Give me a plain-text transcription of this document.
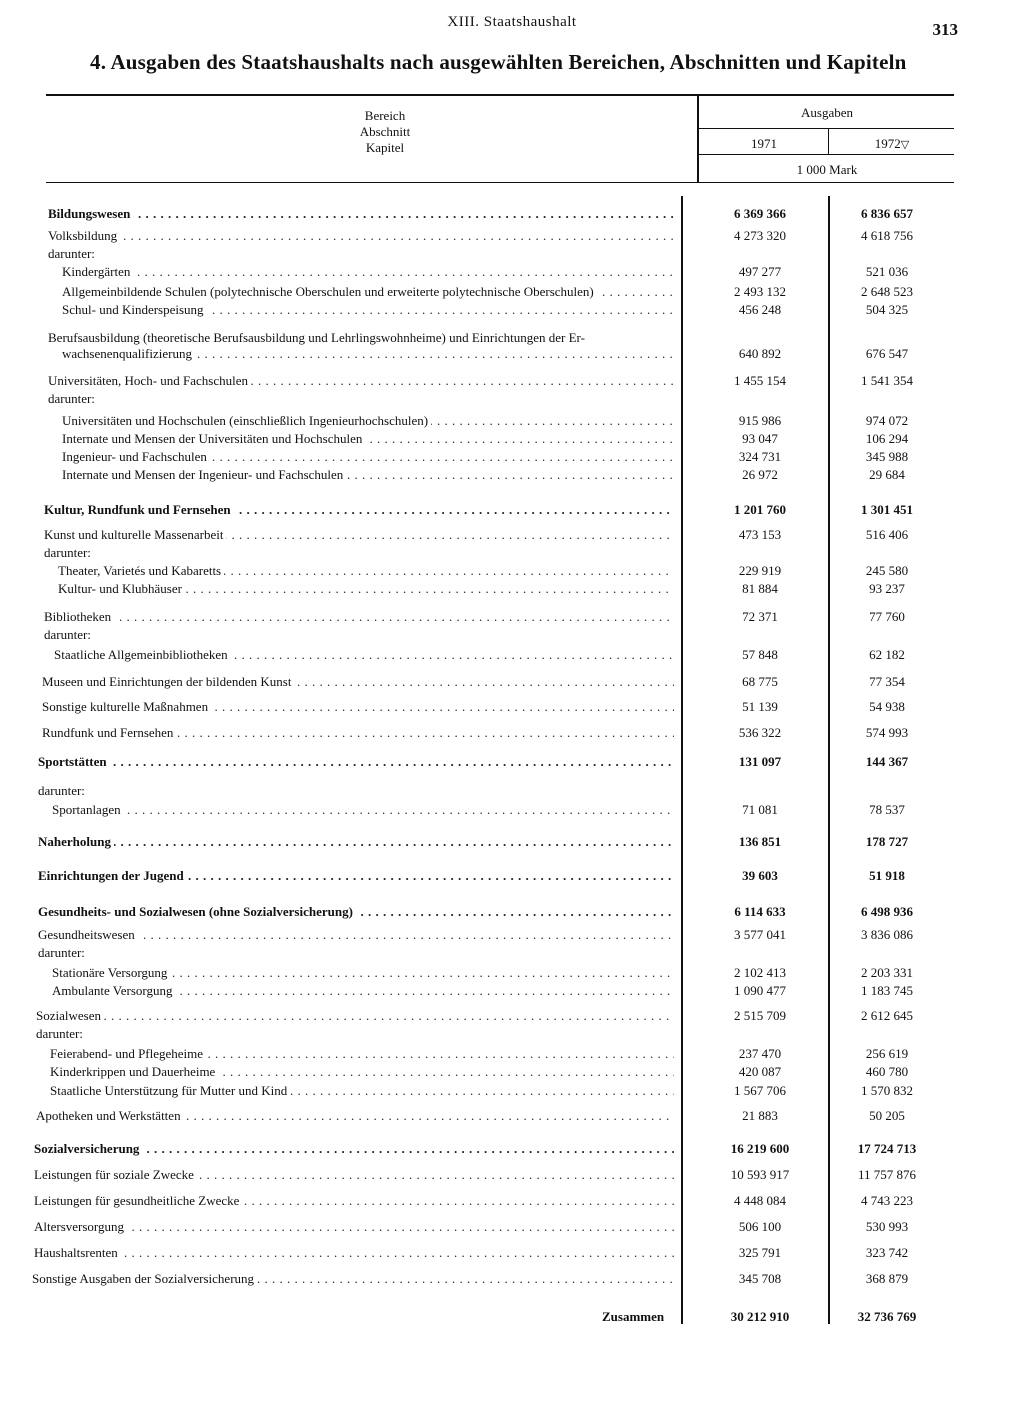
XIII. Staatshaushalt	313
4. Ausgaben des Staatshaushalts nach ausgewählten Bereichen, Abschnitten und Kapiteln
Bereich
Abschnitt
Kapitel
Ausgaben
1971	1972▽
1 000 Mark
Bildungswesen . . .	6 369 366	6 836 657
Volksbildung . . .	4 273 320	4 618 756
darunter:
Kindergärten . . .	497 277	521 036
Allgemeinbildende Schulen (polytechnische Oberschulen und erweiterte polytechnische Oberschulen) . . .	2 493 132	2 648 523
Schul- und Kinderspeisung . . .	456 248	504 325
Berufsausbildung (theoretische Berufsausbildung und Lehrlingswohnheime) und Einrichtungen der Er-
wachsenenqualifizierung . . .	640 892	676 547
Universitäten, Hoch- und Fachschulen . . .	1 455 154	1 541 354
darunter:
Universitäten und Hochschulen (einschließlich Ingenieurhochschulen) . . .	915 986	974 072
Internate und Mensen der Universitäten und Hochschulen . . .	93 047	106 294
Ingenieur- und Fachschulen . . .	324 731	345 988
Internate und Mensen der Ingenieur- und Fachschulen . . .	26 972	29 684
Kultur, Rundfunk und Fernsehen . . .	1 201 760	1 301 451
Kunst und kulturelle Massenarbeit . . .	473 153	516 406
darunter:
Theater, Varietés und Kabaretts . . .	229 919	245 580
Kultur- und Klubhäuser . . .	81 884	93 237
Bibliotheken . . .	72 371	77 760
darunter:
Staatliche Allgemeinbibliotheken . . .	57 848	62 182
Museen und Einrichtungen der bildenden Kunst . . .	68 775	77 354
Sonstige kulturelle Maßnahmen . . .	51 139	54 938
Rundfunk und Fernsehen . . .	536 322	574 993
Sportstätten . . .	131 097	144 367
darunter:
Sportanlagen . . .	71 081	78 537
Naherholung . . .	136 851	178 727
Einrichtungen der Jugend . . .	39 603	51 918
Gesundheits- und Sozialwesen (ohne Sozialversicherung) . . .	6 114 633	6 498 936
Gesundheitswesen . . .	3 577 041	3 836 086
darunter:
Stationäre Versorgung . . .	2 102 413	2 203 331
Ambulante Versorgung . . .	1 090 477	1 183 745
Sozialwesen . . .	2 515 709	2 612 645
darunter:
Feierabend- und Pflegeheime . . .	237 470	256 619
Kinderkrippen und Dauerheime . . .	420 087	460 780
Staatliche Unterstützung für Mutter und Kind . . .	1 567 706	1 570 832
Apotheken und Werkstätten . . .	21 883	50 205
Sozialversicherung . . .	16 219 600	17 724 713
Leistungen für soziale Zwecke . . .	10 593 917	11 757 876
Leistungen für gesundheitliche Zwecke . . .	4 448 084	4 743 223
Altersversorgung . . .	506 100	530 993
Haushaltsrenten . . .	325 791	323 742
Sonstige Ausgaben der Sozialversicherung . . .	345 708	368 879
Zusammen	30 212 910	32 736 769
